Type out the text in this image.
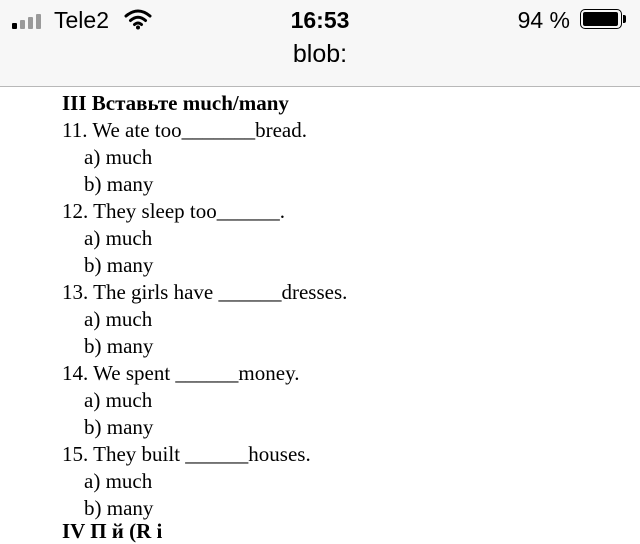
Tele2	16:53	94 %
blob:
III Вставьте much/many
11. We ate too_______bread.
a) much
b) many
12. They sleep too______.
a) much
b) many
13. The girls have ______dresses.
a) much
b) many
14. We spent ______money.
a) much
b) many
15. They built ______houses.
a) much
b) many
IV П й (R i
